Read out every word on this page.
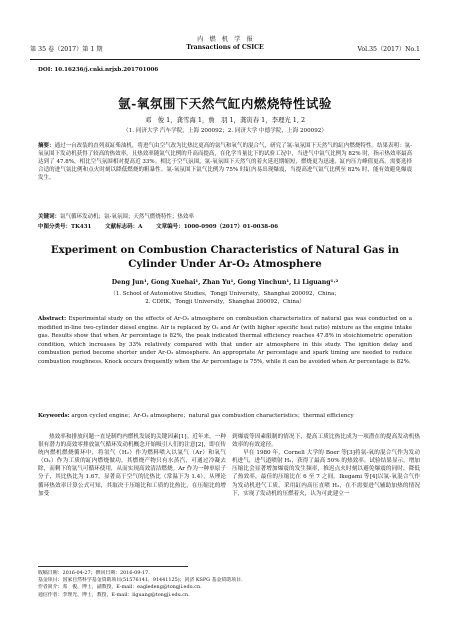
第 35 卷（2017）第 1 期
内　燃　机　学　报
Transactions of CSICE	Vol.35（2017）No.1
DOI: 10.16236/j.cnki.nrjxb.201701006
氩-氧氛围下天然气缸内燃烧特性试验
邓　俊 1，龚雪海 1，詹　羽 1，龚寅春 1，李理光 1, 2
（1. 同济大学 汽车学院，上海 200092；2. 同济大学 中德学院，上海 200092）
摘要：通过一台改装的直列双缸柴油机，将进气由空气改为比热比更高的氩气和氧气的混合气，研究了氩-氧氛围下天然气的缸内燃烧特性。结果表明：氩-氧氛围下发动机获得了较高的热效率，且热效率随氩气比例的升高而提高，在化学当量比下的试验工况中，当进气中氩气比例为 82% 时，指示热效率最高达到了 47.8%，相比空气氛围相对提高近 33%。相比于空气氛围，氩-氧氛围下天然气的着火延迟期缩短，燃烧更为迅速，缸内压力峰值更高。需要选择合适的进气氩比例和点火时刻以降低燃烧的粗暴性。氩-氧氛围下氩气比例为 75% 时缸内易出现爆震，当提高进气氩气比例至 82% 时，能有效避免爆震发生。
关键词：氩气循环发动机；氩-氧氛围；天然气燃烧特性；热效率
中图分类号：TK431	文献标志码：A	文章编号：1000-0909（2017）01-0038-06
Experiment on Combustion Characteristics of Natural Gas in
Cylinder Under Ar-O₂ Atmosphere
Deng Jun¹, Gong Xuehai¹, Zhan Yu¹, Gong Yinchun¹, Li Liguang¹·²
（1. School of Automotive Studies，Tongji University，Shanghai 200092，China；
2. CDHK，Tongji University，Shanghai 200092，China）
Abstract: Experimental study on the effects of Ar-O₂ atmosphere on combustion characteristics of natural gas was conducted on a modified in-line two-cylinder diesel engine. Air is replaced by O₂ and Ar (with higher specific heat ratio) mixture as the engine intake gas. Results show that when Ar percentage is 82%, the peak indicated thermal efficiency reaches 47.8% in stoichiometric operation condition, which increases by 33% relatively compared with that under air atmosphere in this study. The ignition delay and combustion period become shorter under Ar-O₂ atmosphere. An appropriate Ar percentage and spark timing are needed to reduce combustion roughness. Knock occurs frequently when the Ar percentage is 75%, while it can be avoided when Ar percentage is 82%.
Keywords: argon cycled engine；Ar-O₂ atmosphere；natural gas combustion characteristics；thermal efficiency
热效率和排放问题一直是制约内燃机发展的关键因素[1]。近年来，一种很有潜力的高效零排放氩气循环发动机概念开始吸引人们的注意[2]，即在传统内燃机燃烧循环中，将氢气（H₂）作为燃料喷入以氩气（Ar）和氧气（O₂）作为工质的缸内燃烧做功，其燃烧产物只有水蒸汽，可通过冷凝去除，而剩下的氩气可循环使用，从而实现高效清洁燃烧。Ar 作为一种单原子分子，其比热比为 1.67，显著高于空气的比热比（常温下为 1.4），从理论循环热效率计算公式可知，其取决于压缩比和工质的比热比，在压缩比的增加受
到爆震等因素限制的情况下，提高工质比热比成为一项潜在的提高发动机热效率的有效途径。
早在 1980 年，Cornell 大学的 Boer 等[3]将氩-氧的混合气作为发动机进气，进气道喷射 H₂，获得了最高 50% 的热效率。试验结果显示，增加压缩比会显著增加爆震的发生频率，推迟点火时刻以避免爆震的同时，降低了热效率，最佳的压缩比在 6 至 7 之间。Ikegami 等[4]以氩-氧混合气作为发动机进气工质，采用缸内高压直喷 H₂，在不需要进气辅助加热的情况下，实现了发动机的压燃着火，认为可此建立一
收稿日期：2016-04-27；修回日期：2016-09-17.
基金项目：国家自然科学基金资助项目(51576141，91441125)；同济 KSPG 基金资助项目.
作者简介：邓　俊，博士，副教授，E-mail：eagledeng@tongji.edu.cn.
通信作者：李理光，博士，教授，E-mail：liguang@tongji.edu.cn.
